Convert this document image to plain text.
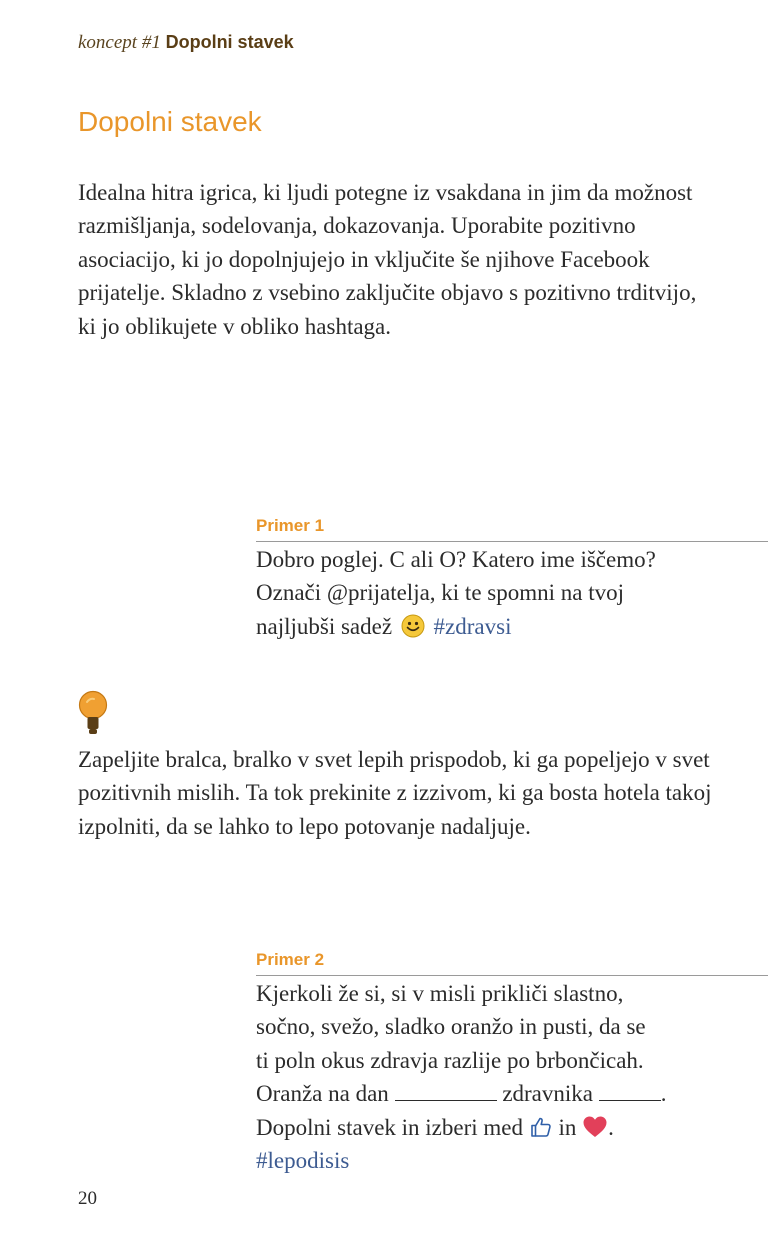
koncept #1 Dopolni stavek
Dopolni stavek

Idealna hitra igrica, ki ljudi potegne iz vsakdana in jim da možnost razmišljanja, sodelovanja, dokazovanja. Uporabite pozitivno asociacijo, ki jo dopolnjujejo in vključite še njihove Facebook prijatelje. Skladno z vsebino zaključite objavo s pozitivno trditvijo, ki jo oblikujete v obliko hashtaga.

Primer 1
Dobro poglej. C ali O? Katero ime iščemo?
Označi @prijatelja, ki te spomni na tvoj
najljubši sadež #zdravsi

Zapeljite bralca, bralko v svet lepih prispodob, ki ga popeljejo v svet pozitivnih mislih. Ta tok prekinite z izzivom, ki ga bosta hotela takoj izpolniti, da se lahko to lepo potovanje nadaljuje.

Primer 2
Kjerkoli že si, si v misli prikliči slastno,
sočno, svežo, sladko oranžo in pusti, da se
ti poln okus zdravja razlije po brbončicah.
Oranža na dan	zdravnika	.
Dopolni stavek in izberi med in .
#lepodisis
20
